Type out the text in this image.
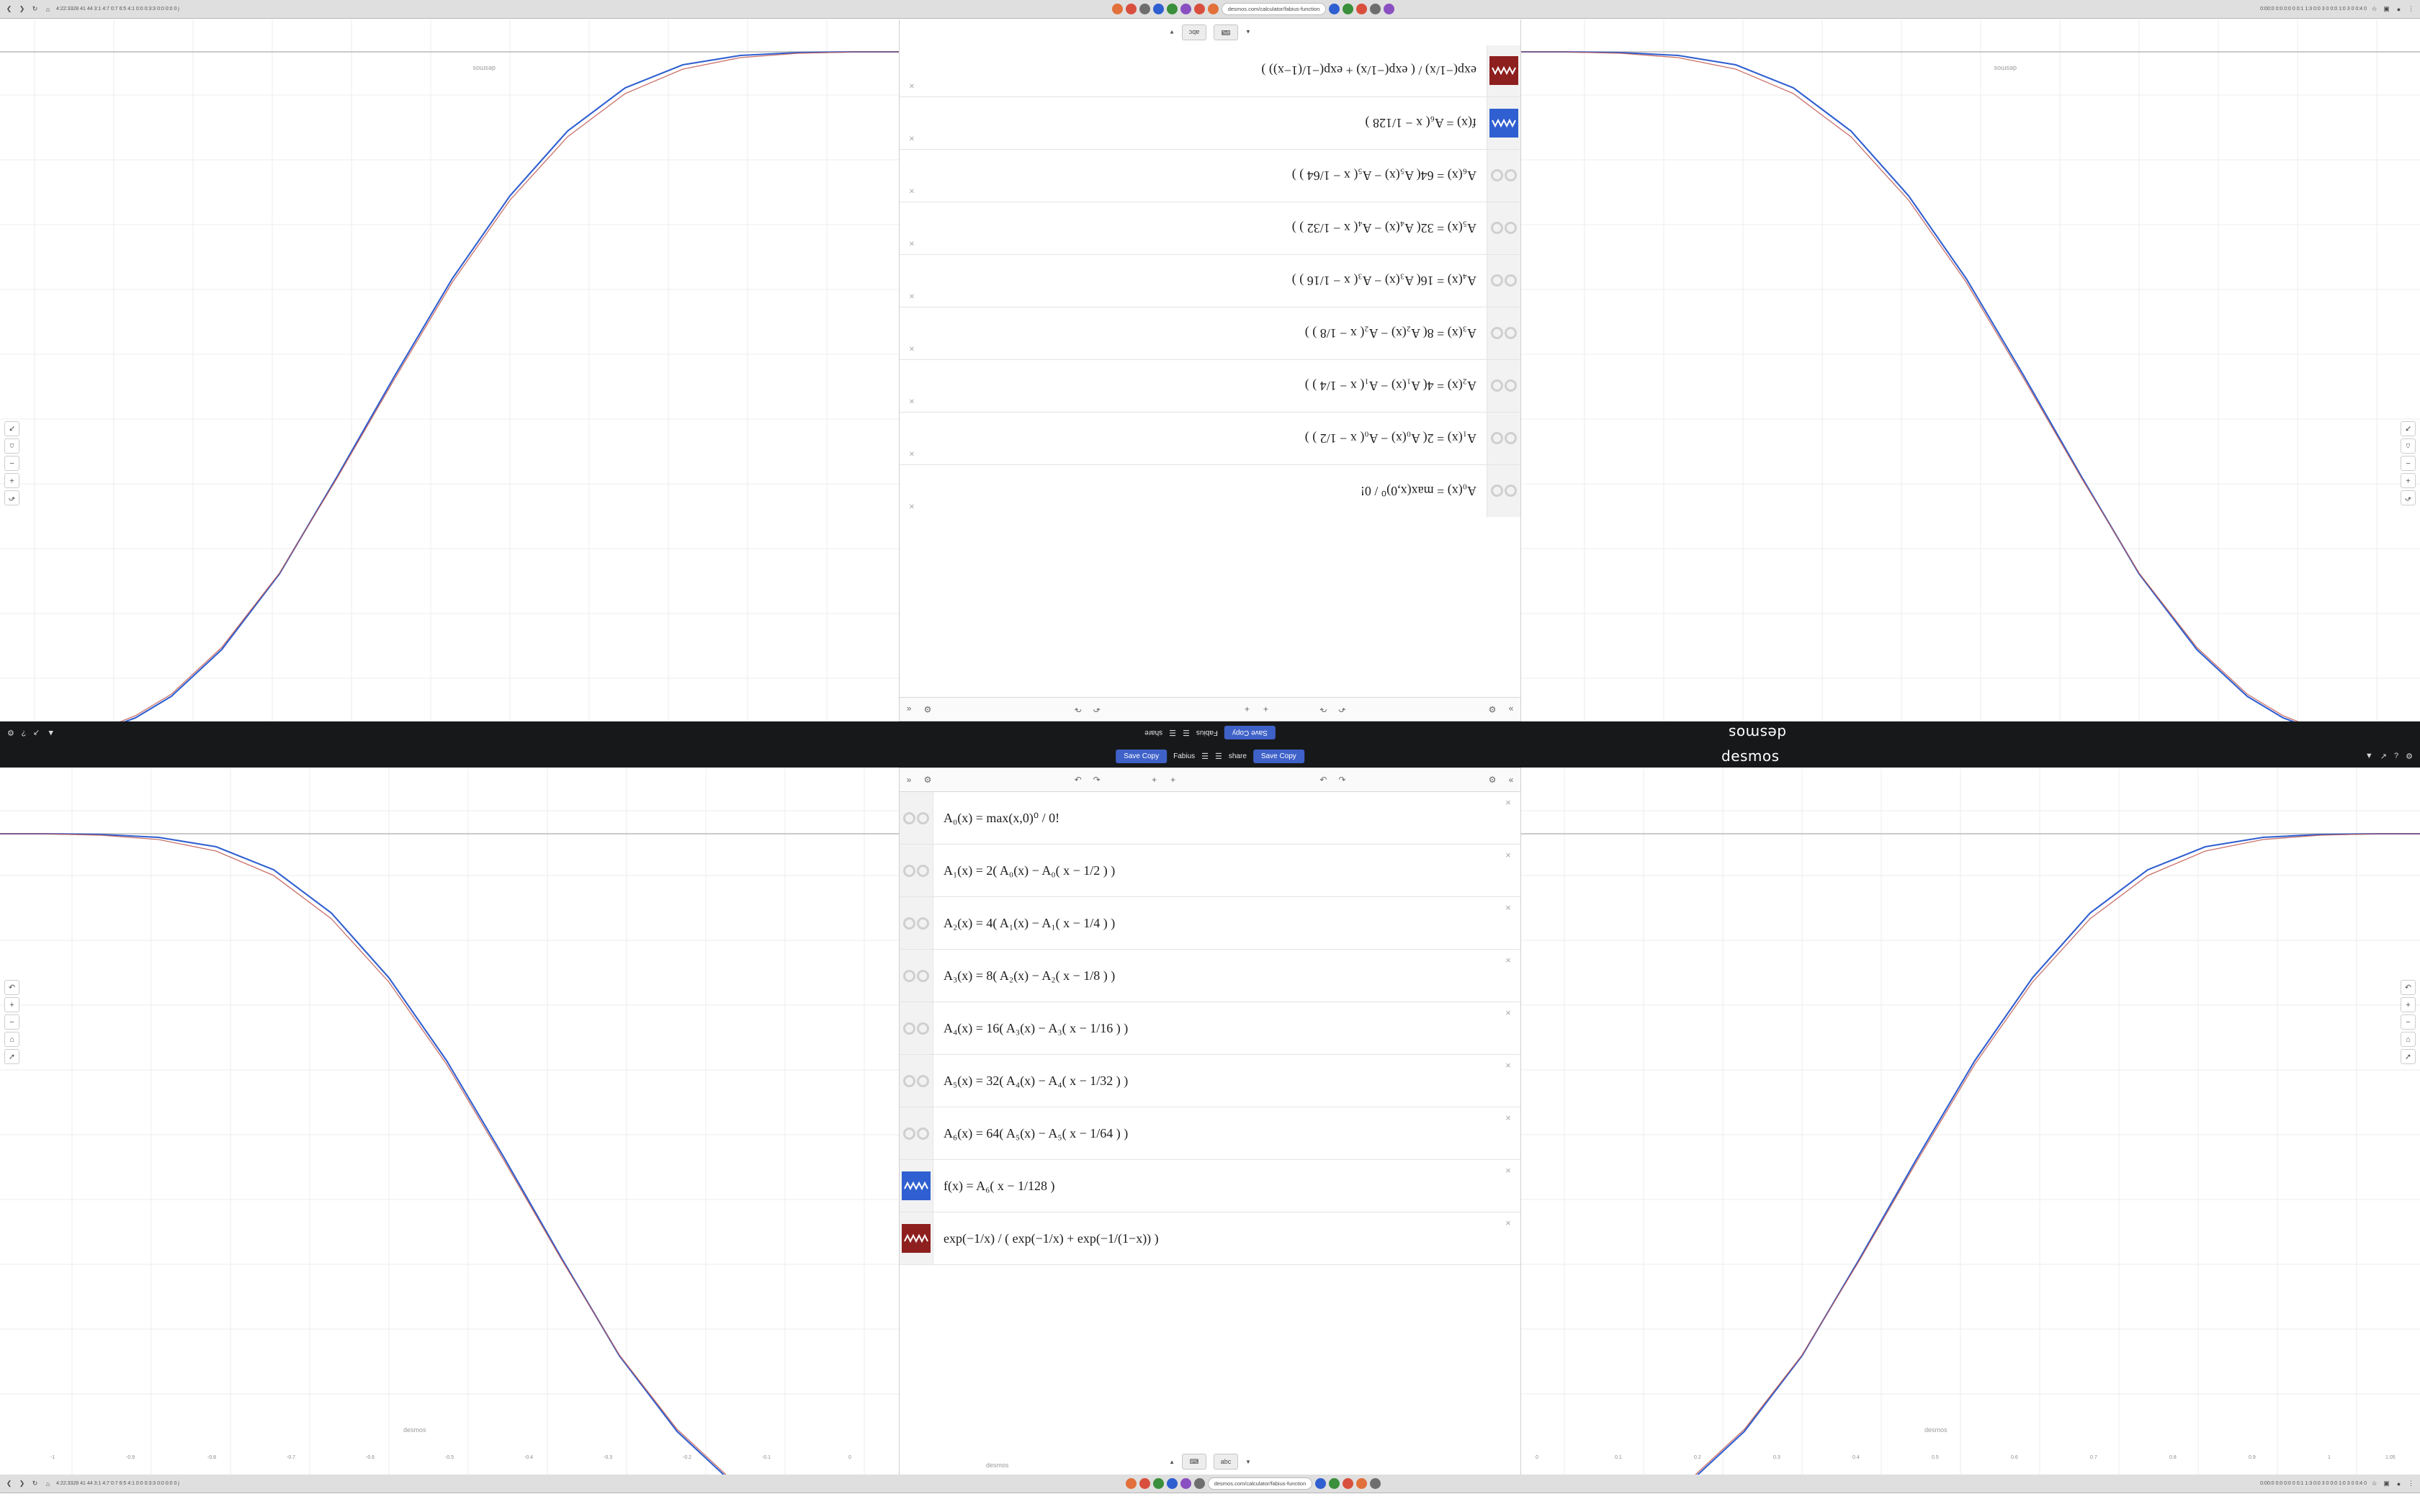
❮	❯	↻	⌂	4:22:3328 41 44 3:1 4:7 0:7 6:5 4:1 0:0 0:3:3 0:0 0:0 0 j	desmos.com/calculator/fabius-function	0:00:0 0:0 0:0 0 0:1 1:3 0:0 3 0 0:0 1:0 3 0 0:4 0 ☆ ▣	●	⋮
desmos
↶
+
−
⌂
➚
desmos
↶
+
−
⌂
➚
»
⚙
↶
↷
+
+
↶
↷
⚙
«
A₀(x) = max(x,0)⁰ / 0!
×
A₁(x) = 2( A₀(x) − A₀( x − 1/2 ) )
×
A₂(x) = 4( A₁(x) − A₁( x − 1/4 ) )
×
A₃(x) = 8( A₂(x) − A₂( x − 1/8 ) )
×
A₄(x) = 16( A₃(x) − A₃( x − 1/16 ) )
×
A₅(x) = 32( A₄(x) − A₄( x − 1/32 ) )
×
A₆(x) = 64( A₅(x) − A₅( x − 1/64 ) )
×
f(x) = A₆( x − 1/128 )
×
exp(−1/x) / ( exp(−1/x) + exp(−1/(1−x)) )
×
▲
⌨
abc
▼
desmos
Save Copy
Fabius
☰
☰
share
▲
↗
?
⚙
desmos
Save Copy	Fabius ☰ ☰ share	Save Copy	▼ ↗ ? ⚙
-1	-0.9	-0.8	-0.7	-0.6	-0.5	-0.4	-0.3	-0.2	-0.1	0
desmos
↶
+
−
⌂
➚
0	0.1	0.2	0.3	0.4	0.5	0.6	0.7	0.8	0.9	1	1.05
desmos
↶
+
−
⌂
➚
»	⚙	↶	↷	+	+	↶	↷	⚙	«
A₀(x) = max(x,0)⁰ / 0!
×
A₁(x) = 2( A₀(x) − A₀( x − 1/2 ) )
×
A₂(x) = 4( A₁(x) − A₁( x − 1/4 ) )
×
A₃(x) = 8( A₂(x) − A₂( x − 1/8 ) )
×
A₄(x) = 16( A₃(x) − A₃( x − 1/16 ) )
×
A₅(x) = 32( A₄(x) − A₄( x − 1/32 ) )
×
A₆(x) = 64( A₅(x) − A₅( x − 1/64 ) )
×
f(x) = A₆( x − 1/128 )
×
exp(−1/x) / ( exp(−1/x) + exp(−1/(1−x)) )
×
▲	⌨	abc	▼
desmos
❮	❯	↻	⌂	4:22:3328 41 44 3:1 4:7 0:7 6:5 4:1 0:0 0:3:3 0:0 0:0 0 j	desmos.com/calculator/fabius-function	0:00:0 0:0 0:0 0 0:1 1:3 0:0 3 0 0:0 1:0 3 0 0:4 0 ☆ ▣	●	⋮
